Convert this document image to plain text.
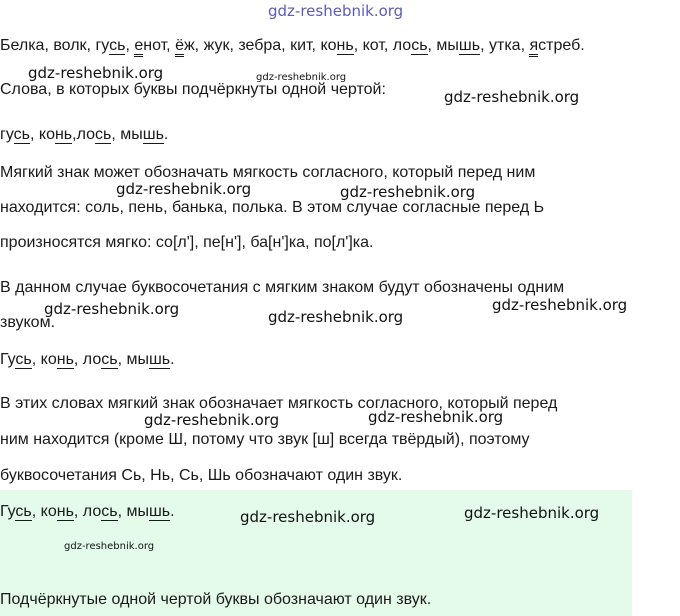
gdz-reshebnik.org
Белка, волк, гусь, енот, ёж, жук, зебра, кит, конь, кот, лось, мышь, утка, ястреб.
Слова, в которых буквы подчёркнуты одной чертой:
гусь, конь,лось, мышь.
Мягкий знак может обозначать мягкость согласного, который перед ним
находится: соль, пень, банька, полька. В этом случае согласные перед Ь
произносятся мягко: со[л'], пе[н'], ба[н']ка, по[л']ка.
В данном случае буквосочетания с мягким знаком будут обозначены одним
звуком.
Гусь, конь, лось, мышь.
В этих словах мягкий знак обозначает мягкость согласного, который перед
ним находится (кроме Ш, потому что звук [ш] всегда твёрдый), поэтому
буквосочетания Сь, Нь, Сь, Шь обозначают один звук.
Гусь, конь, лось, мышь.
Подчёркнутые одной чертой буквы обозначают один звук.
gdz-reshebnik.org	gdz-reshebnik.org
gdz-reshebnik.org
gdz-reshebnik.org	gdz-reshebnik.org
gdz-reshebnik.org	gdz-reshebnik.org
gdz-reshebnik.org
gdz-reshebnik.org	gdz-reshebnik.org
gdz-reshebnik.org	gdz-reshebnik.org
gdz-reshebnik.org
